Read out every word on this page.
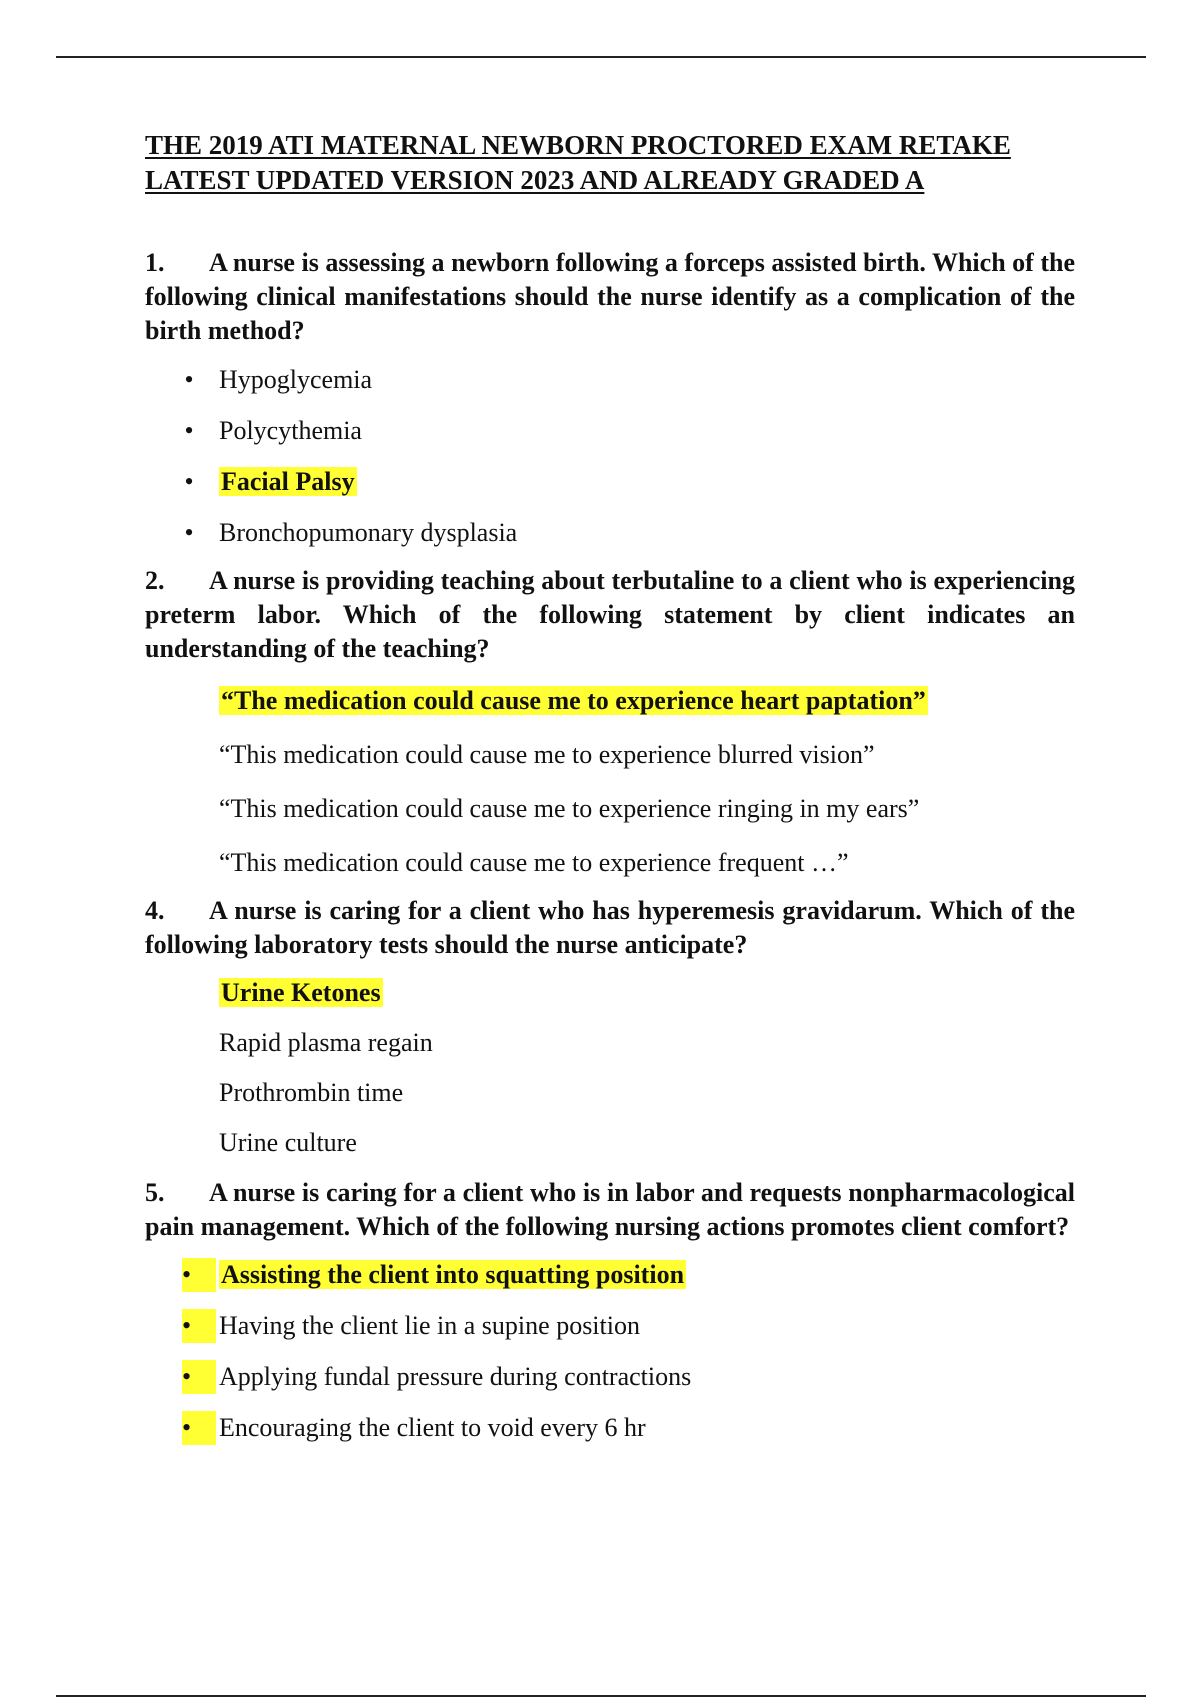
THE 2019 ATI MATERNAL NEWBORN PROCTORED EXAM RETAKE
LATEST UPDATED VERSION 2023 AND ALREADY GRADED A

1. A nurse is assessing a newborn following a forceps assisted birth. Which of the following clinical manifestations should the nurse identify as a complication of the birth method?

• Hypoglycemia
• Polycythemia
• Facial Palsy
• Bronchopumonary dysplasia

2. A nurse is providing teaching about terbutaline to a client who is experiencing preterm labor. Which of the following statement by client indicates an understanding of the teaching?

“The medication could cause me to experience heart paptation”
“This medication could cause me to experience blurred vision”
“This medication could cause me to experience ringing in my ears”
“This medication could cause me to experience frequent …”

4. A nurse is caring for a client who has hyperemesis gravidarum. Which of the following laboratory tests should the nurse anticipate?

Urine Ketones
Rapid plasma regain
Prothrombin time
Urine culture

5. A nurse is caring for a client who is in labor and requests nonpharmacological pain management. Which of the following nursing actions promotes client comfort?

•	Assisting the client into squatting position
•	Having the client lie in a supine position
•	Applying fundal pressure during contractions
•	Encouraging the client to void every 6 hr
